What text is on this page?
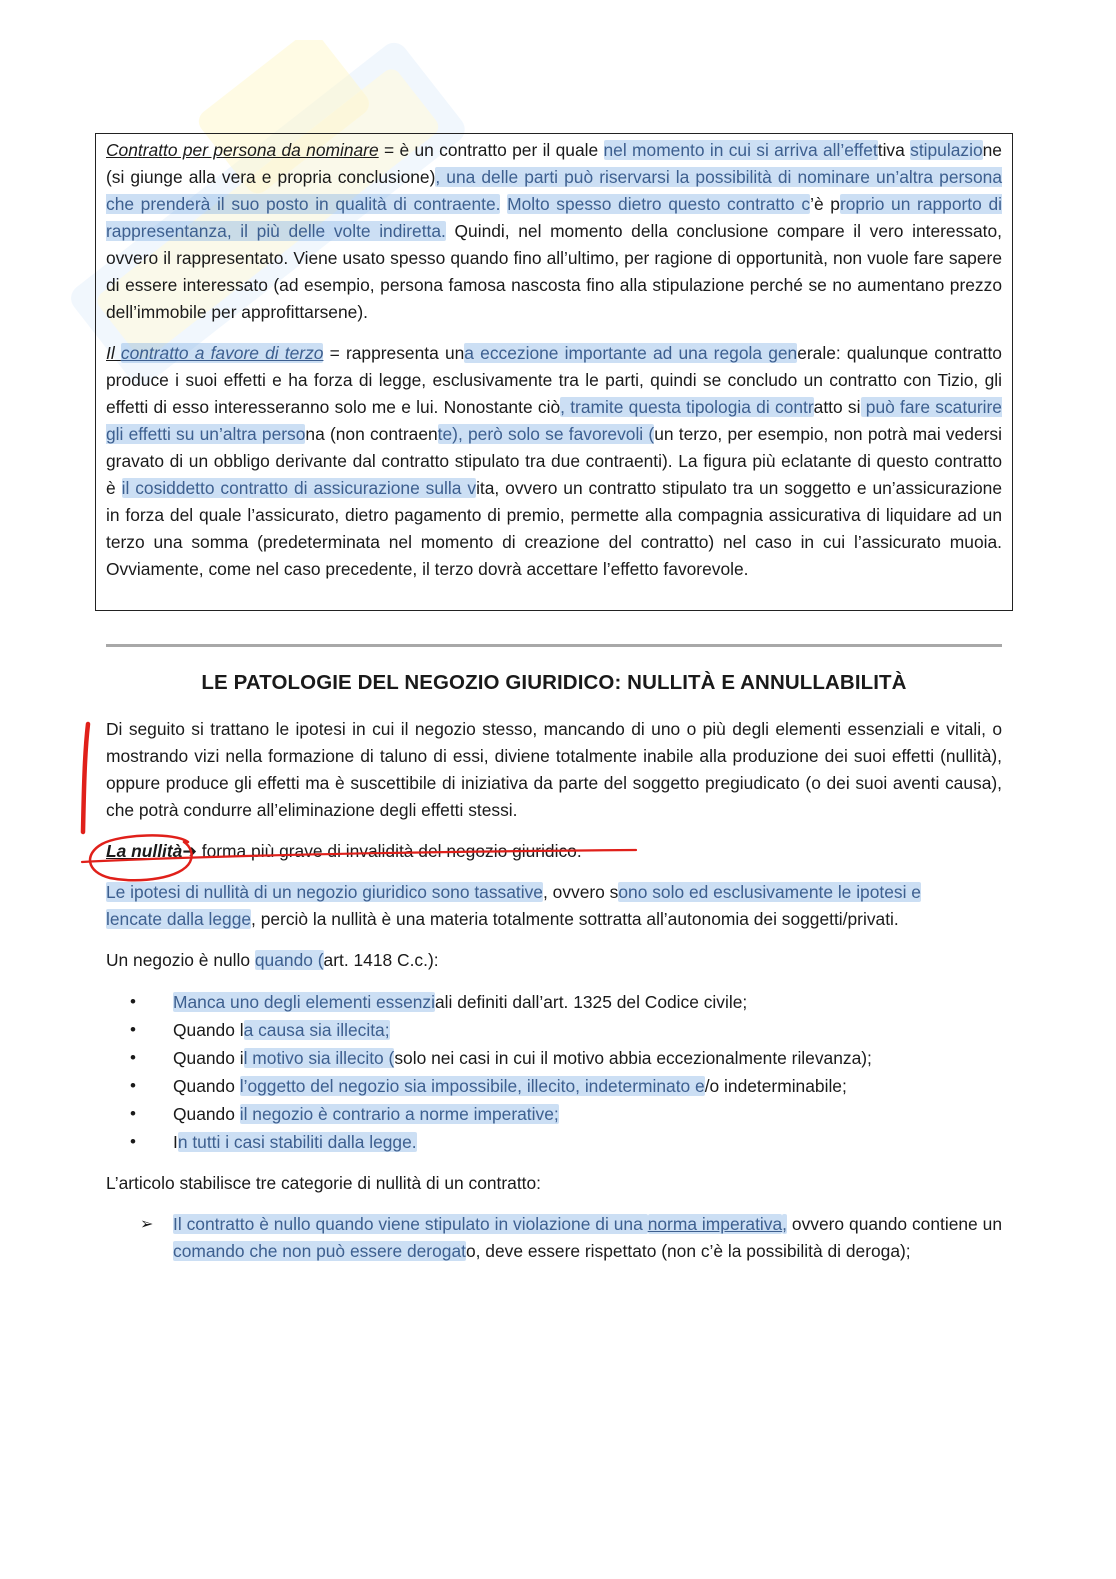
Contratto per persona da nominare = è un contratto per il quale nel momento in cui si arriva all’effettiva stipulazione (si giunge alla vera e propria conclusione), una delle parti può riservarsi la possibilità di nominare un’altra persona che prenderà il suo posto in qualità di contraente. Molto spesso dietro questo contratto c’è proprio un rapporto di rappresentanza, il più delle volte indiretta. Quindi, nel momento della conclusione compare il vero interessato, ovvero il rappresentato. Viene usato spesso quando fino all’ultimo, per ragione di opportunità, non vuole fare sapere di essere interessato (ad esempio, persona famosa nascosta fino alla stipulazione perché se no aumentano prezzo dell’immobile per approfittarsene).

Il contratto a favore di terzo = rappresenta una eccezione importante ad una regola generale: qualunque contratto produce i suoi effetti e ha forza di legge, esclusivamente tra le parti, quindi se concludo un contratto con Tizio, gli effetti di esso interesseranno solo me e lui. Nonostante ciò, tramite questa tipologia di contratto si può fare scaturire gli effetti su un’altra persona (non contraente), però solo se favorevoli (un terzo, per esempio, non potrà mai vedersi gravato di un obbligo derivante dal contratto stipulato tra due contraenti). La figura più eclatante di questo contratto è il cosiddetto contratto di assicurazione sulla vita, ovvero un contratto stipulato tra un soggetto e un’assicurazione in forza del quale l’assicurato, dietro pagamento di premio, permette alla compagnia assicurativa di liquidare ad un terzo una somma (predeterminata nel momento di creazione del contratto) nel caso in cui l’assicurato muoia. Ovviamente, come nel caso precedente, il terzo dovrà accettare l’effetto favorevole.

LE PATOLOGIE DEL NEGOZIO GIURIDICO: NULLITÀ E ANNULLABILITÀ

Di seguito si trattano le ipotesi in cui il negozio stesso, mancando di uno o più degli elementi essenziali e vitali, o mostrando vizi nella formazione di taluno di essi, diviene totalmente inabile alla produzione dei suoi effetti (nullità), oppure produce gli effetti ma è suscettibile di iniziativa da parte del soggetto pregiudicato (o dei suoi aventi causa), che potrà condurre all’eliminazione degli effetti stessi.

La nullità➔ forma più grave di invalidità del negozio giuridico.

Le ipotesi di nullità di un negozio giuridico sono tassative, ovvero sono solo ed esclusivamente le ipotesi e
lencate dalla legge, perciò la nullità è una materia totalmente sottratta all’autonomia dei soggetti/privati.

Un negozio è nullo quando (art. 1418 C.c.):

• Manca uno degli elementi essenziali definiti dall’art. 1325 del Codice civile;
• Quando la causa sia illecita;
• Quando il motivo sia illecito (solo nei casi in cui il motivo abbia eccezionalmente rilevanza);
• Quando l’oggetto del negozio sia impossibile, illecito, indeterminato e/o indeterminabile;
• Quando il negozio è contrario a norme imperative;
• In tutti i casi stabiliti dalla legge.

L’articolo stabilisce tre categorie di nullità di un contratto:

➢ Il contratto è nullo quando viene stipulato in violazione di una norma imperativa, ovvero quando contiene un comando che non può essere derogato, deve essere rispettato (non c’è la possibilità di deroga);
